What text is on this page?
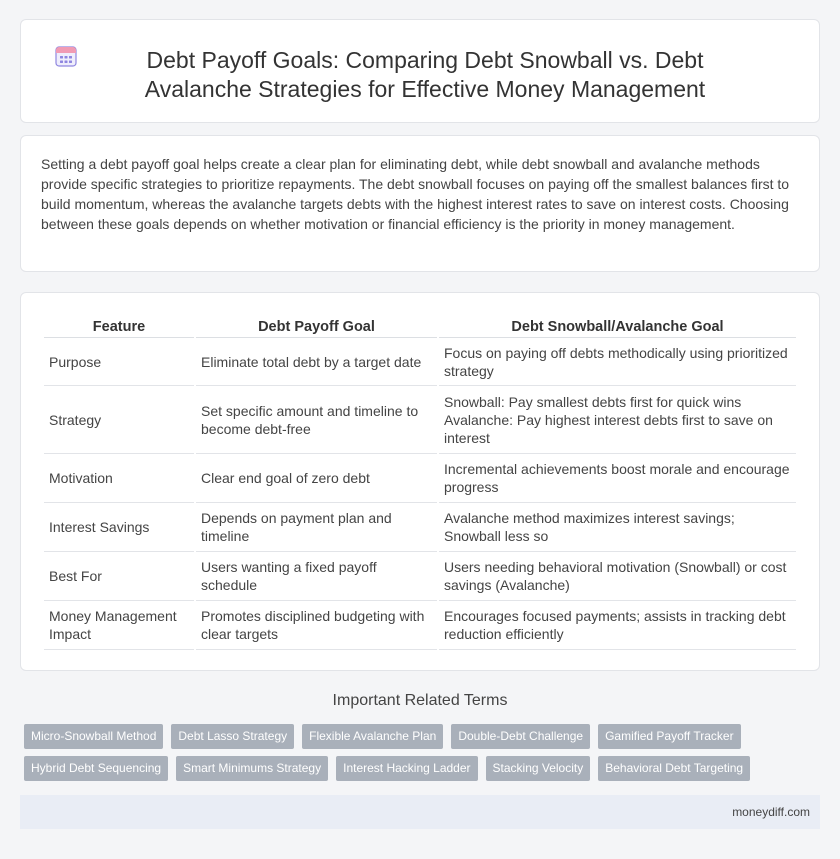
Debt Payoff Goals: Comparing Debt Snowball vs. Debt Avalanche Strategies for Effective Money Management

Setting a debt payoff goal helps create a clear plan for eliminating debt, while debt snowball and avalanche methods provide specific strategies to prioritize repayments. The debt snowball focuses on paying off the smallest balances first to build momentum, whereas the avalanche targets debts with the highest interest rates to save on interest costs. Choosing between these goals depends on whether motivation or financial efficiency is the priority in money management.

Feature	Debt Payoff Goal	Debt Snowball/Avalanche Goal
Purpose	Eliminate total debt by a target date	Focus on paying off debts methodically using prioritized strategy
Strategy	Set specific amount and timeline to become debt-free	Snowball: Pay smallest debts first for quick wins
Avalanche: Pay highest interest debts first to save on interest
Motivation	Clear end goal of zero debt	Incremental achievements boost morale and encourage progress
Interest Savings	Depends on payment plan and timeline	Avalanche method maximizes interest savings; Snowball less so
Best For	Users wanting a fixed payoff schedule	Users needing behavioral motivation (Snowball) or cost savings (Avalanche)
Money Management Impact	Promotes disciplined budgeting with clear targets	Encourages focused payments; assists in tracking debt reduction efficiently
Important Related Terms
Micro-Snowball Method	Debt Lasso Strategy	Flexible Avalanche Plan	Double-Debt Challenge	Gamified Payoff Tracker
Hybrid Debt Sequencing	Smart Minimums Strategy	Interest Hacking Ladder	Stacking Velocity	Behavioral Debt Targeting
moneydiff.com
